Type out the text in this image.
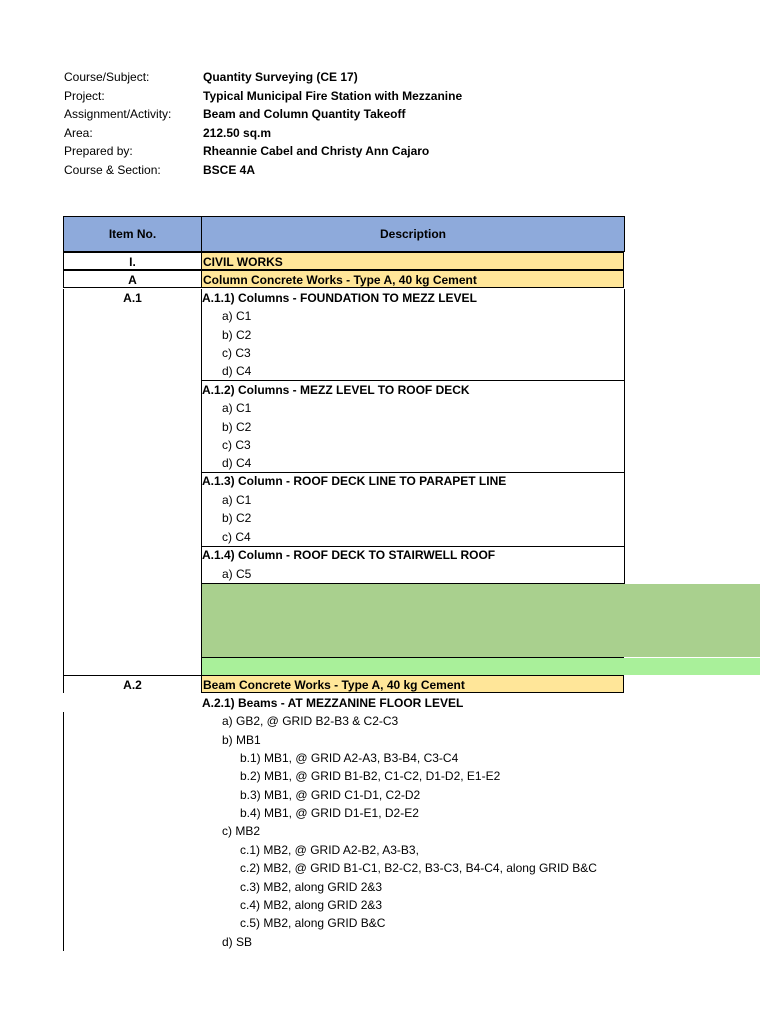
Course/Subject:	Quantity Surveying (CE 17)
Project:	Typical Municipal Fire Station with Mezzanine
Assignment/Activity:	Beam and Column Quantity Takeoff
Area:	212.50 sq.m
Prepared by:	Rheannie Cabel and Christy Ann Cajaro
Course & Section:	BSCE 4A
Item No.	Description
I.	CIVIL WORKS
A	Column Concrete Works - Type A, 40 kg Cement
A.1	A.1.1) Columns - FOUNDATION TO MEZZ LEVEL
a) C1
b) C2
c) C3
d) C4
A.1.2) Columns - MEZZ LEVEL TO ROOF DECK
a) C1
b) C2
c) C3
d) C4
A.1.3) Column - ROOF DECK LINE TO PARAPET LINE
a) C1
b) C2
c) C4
A.1.4) Column - ROOF DECK TO STAIRWELL ROOF
a) C5
A.2	Beam Concrete Works - Type A, 40 kg Cement
A.2.1) Beams - AT MEZZANINE FLOOR LEVEL
a) GB2, @ GRID B2-B3 & C2-C3
b) MB1
b.1) MB1, @ GRID A2-A3, B3-B4, C3-C4
b.2) MB1, @ GRID B1-B2, C1-C2, D1-D2, E1-E2
b.3) MB1, @ GRID C1-D1, C2-D2
b.4) MB1, @ GRID D1-E1, D2-E2
c) MB2
c.1) MB2, @ GRID A2-B2, A3-B3,
c.2) MB2, @ GRID B1-C1, B2-C2, B3-C3, B4-C4, along GRID B&C
c.3) MB2, along GRID 2&3
c.4) MB2, along GRID 2&3
c.5) MB2, along GRID B&C
d) SB
